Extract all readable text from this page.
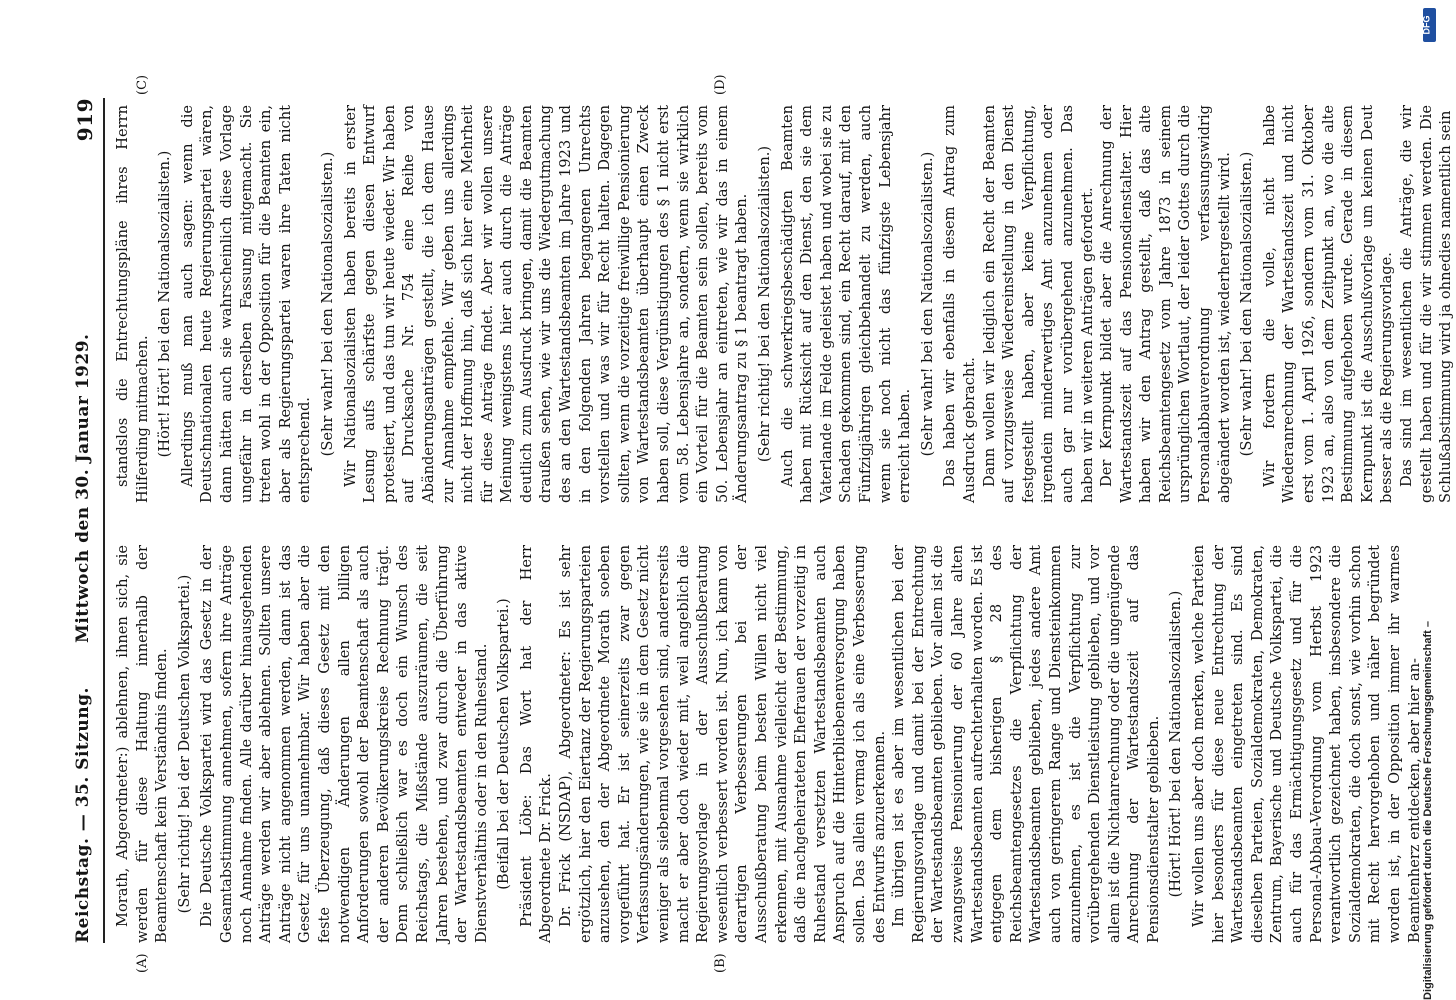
Reichstag. — 35. Sitzung.
Mittwoch den 30. Januar 1929.
919

Morath, Abgeordneter:) ablehnen, ihnen sich, sie werden für diese Haltung innerhalb der Beamtenschaft kein Verständnis finden. (Sehr richtig! bei der Deutschen Volkspartei.) Die Deutsche Volkspartei wird das Gesetz in der Gesamtabstimmung annehmen, sofern ihre Anträge noch Annahme finden. Alle darüber hinausgehenden Anträge werden wir aber ablehnen. Sollten unsere Anträge nicht angenommen werden, dann ist das Gesetz für uns unannehmbar. Wir haben aber die feste Überzeugung, daß dieses Gesetz mit den notwendigen Änderungen allen billigen Anforderungen sowohl der Beamtenschaft als auch der anderen Bevölkerungskreise Rechnung trägt. Denn schließlich war es doch ein Wunsch des Reichstags, die Mißstände auszuräumen, die seit Jahren bestehen, und zwar durch die Überführung der Wartestandsbeamten entweder in das aktive Dienstverhältnis oder in den Ruhestand. (Beifall bei der Deutschen Volkspartei.) Präsident Löbe: Das Wort hat der Herr Abgeordnete Dr. Frick. Dr. Frick (NSDAP), Abgeordneter: Es ist sehr ergötzlich, hier den Eiertanz der Regierungsparteien anzusehen, den der Abgeordnete Morath soeben vorgeführt hat. Er ist seinerzeits zwar gegen Verfassungsänderungen, wie sie in dem Gesetz nicht weniger als siebenmal vorgesehen sind, andererseits macht er aber doch wieder mit, weil angeblich die Regierungsvorlage in der Ausschußberatung wesentlich verbessert worden ist. Nun, ich kann von derartigen Verbesserungen bei der Ausschußberatung beim besten Willen nicht viel erkennen, mit Ausnahme vielleicht der Bestimmung, daß die nachgeheirateten Ehefrauen der vorzeitig in Ruhestand versetzten Wartestandsbeamten auch Anspruch auf die Hinterbliebenenversorgung haben sollen. Das allein vermag ich als eine Verbesserung des Entwurfs anzuerkennen. Im übrigen ist es aber im wesentlichen bei der Regierungsvorlage und damit bei der Entrechtung der Wartestandsbeamten geblieben. Vor allem ist die zwangsweise Pensionierung der 60 Jahre alten Wartestandsbeamten aufrechterhalten worden. Es ist entgegen dem bisherigen § 28 des Reichsbeamtengesetzes die Verpflichtung der Wartestandsbeamten geblieben, jedes andere Amt auch von geringerem Range und Diensteinkommen anzunehmen, es ist die Verpflichtung zur vorübergehenden Dienstleistung geblieben, und vor allem ist die Nichtanrechnung oder die ungenügende Anrechnung der Wartestandszeit auf das Pensionsdienstalter geblieben. (Hört! Hört! bei den Nationalsozialisten.) Wir wollen uns aber doch merken, welche Parteien hier besonders für diese neue Entrechtung der Wartestandsbeamten eingetreten sind. Es sind dieselben Parteien, Sozialdemokraten, Demokraten, Zentrum, Bayerische und Deutsche Volkspartei, die auch für das Ermächtigungsgesetz und für die Personal-Abbau-Verordnung vom Herbst 1923 verantwortlich gezeichnet haben, insbesondere die Sozialdemokraten, die doch sonst, wie vorhin schon mit Recht hervorgehoben und näher begründet worden ist, in der Opposition immer ihr warmes Beamtenherz entdecken, aber hier an-

standslos die Entrechtungspläne ihres Herrn Hilferding mitmachen. (Hört! Hört! bei den Nationalsozialisten.) Allerdings muß man auch sagen: wenn die Deutschnationalen heute Regierungspartei wären, dann hätten auch sie wahrscheinlich diese Vorlage ungefähr in derselben Fassung mitgemacht. Sie treten wohl in der Opposition für die Beamten ein, aber als Regierungspartei waren ihre Taten nicht entsprechend. (Sehr wahr! bei den Nationalsozialisten.) Wir Nationalsozialisten haben bereits in erster Lesung aufs schärfste gegen diesen Entwurf protestiert, und das tun wir heute wieder. Wir haben auf Drucksache Nr. 754 eine Reihe von Abänderungsanträgen gestellt, die ich dem Hause zur Annahme empfehle. Wir geben uns allerdings nicht der Hoffnung hin, daß sich hier eine Mehrheit für diese Anträge findet. Aber wir wollen unsere Meinung wenigstens hier auch durch die Anträge deutlich zum Ausdruck bringen, damit die Beamten draußen sehen, wie wir uns die Wiedergutmachung des an den Wartestandsbeamten im Jahre 1923 und in den folgenden Jahren begangenen Unrechts vorstellen und was wir für Recht halten. Dagegen sollten, wenn die vorzeitige freiwillige Pensionierung von Wartestandsbeamten überhaupt einen Zweck haben soll, diese Vergünstigungen des § 1 nicht erst vom 58. Lebensjahre an, sondern, wenn sie wirklich ein Vorteil für die Beamten sein sollen, bereits vom 50. Lebensjahr an eintreten, wie wir das in einem Änderungsantrag zu § 1 beantragt haben. (Sehr richtig! bei den Nationalsozialisten.) Auch die schwerkriegsbeschädigten Beamten haben mit Rücksicht auf den Dienst, den sie dem Vaterlande im Felde geleistet haben und wobei sie zu Schaden gekommen sind, ein Recht darauf, mit den Fünfzigjährigen gleichbehandelt zu werden, auch wenn sie noch nicht das fünfzigste Lebensjahr erreicht haben. (Sehr wahr! bei den Nationalsozialisten.) Das haben wir ebenfalls in diesem Antrag zum Ausdruck gebracht. Dann wollen wir lediglich ein Recht der Beamten auf vorzugsweise Wiedereinstellung in den Dienst festgestellt haben, aber keine Verpflichtung, irgendein minderwertiges Amt anzunehmen oder auch gar nur vorübergehend anzunehmen. Das haben wir in weiteren Anträgen gefordert. Der Kernpunkt bildet aber die Anrechnung der Wartestandszeit auf das Pensionsdienstalter. Hier haben wir den Antrag gestellt, daß das alte Reichsbeamtengesetz vom Jahre 1873 in seinem ursprünglichen Wortlaut, der leider Gottes durch die Personalabbauverordnung verfassungswidrig abgeändert worden ist, wiederhergestellt wird. (Sehr wahr! bei den Nationalsozialisten.) Wir fordern die volle, nicht halbe Wiederanrechnung der Wartestandszeit und nicht erst vom 1. April 1926, sondern vom 31. Oktober 1923 an, also von dem Zeitpunkt an, wo die alte Bestimmung aufgehoben wurde. Gerade in diesem Kernpunkt ist die Ausschußvorlage um keinen Deut besser als die Regierungsvorlage. Das sind im wesentlichen die Anträge, die wir gestellt haben und für die wir stimmen werden. Die Schlußabstimmung wird ja ohnedies namentlich sein

(A)	(B)
(C)	(D)
Digitalisierung gefördert durch die Deutsche Forschungsgemeinschaft –
DFG
